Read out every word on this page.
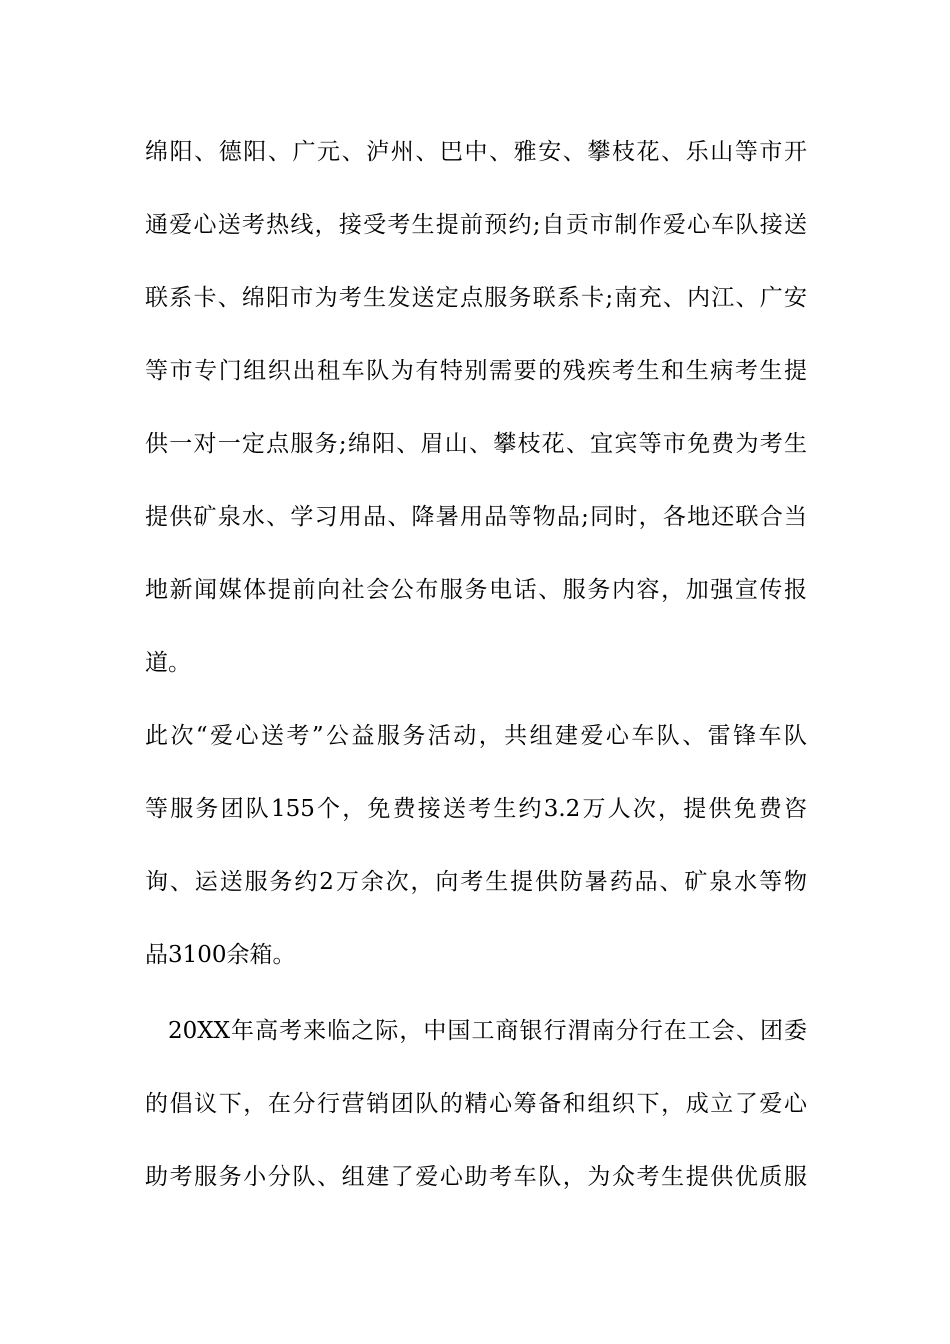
绵阳、德阳、广元、泸州、巴中、雅安、攀枝花、乐山等市开
通爱心送考热线，接受考生提前预约;自贡市制作爱心车队接送
联系卡、绵阳市为考生发送定点服务联系卡;南充、内江、广安
等市专门组织出租车队为有特别需要的残疾考生和生病考生提
供一对一定点服务;绵阳、眉山、攀枝花、宜宾等市免费为考生
提供矿泉水、学习用品、降暑用品等物品;同时，各地还联合当
地新闻媒体提前向社会公布服务电话、服务内容，加强宣传报
道。
此次“爱心送考”公益服务活动，共组建爱心车队、雷锋车队
等服务团队155个，免费接送考生约3.2万人次，提供免费咨
询、运送服务约2万余次，向考生提供防暑药品、矿泉水等物
品3100余箱。
20XX年高考来临之际，中国工商银行渭南分行在工会、团委
的倡议下，在分行营销团队的精心筹备和组织下，成立了爱心
助考服务小分队、组建了爱心助考车队，为众考生提供优质服
